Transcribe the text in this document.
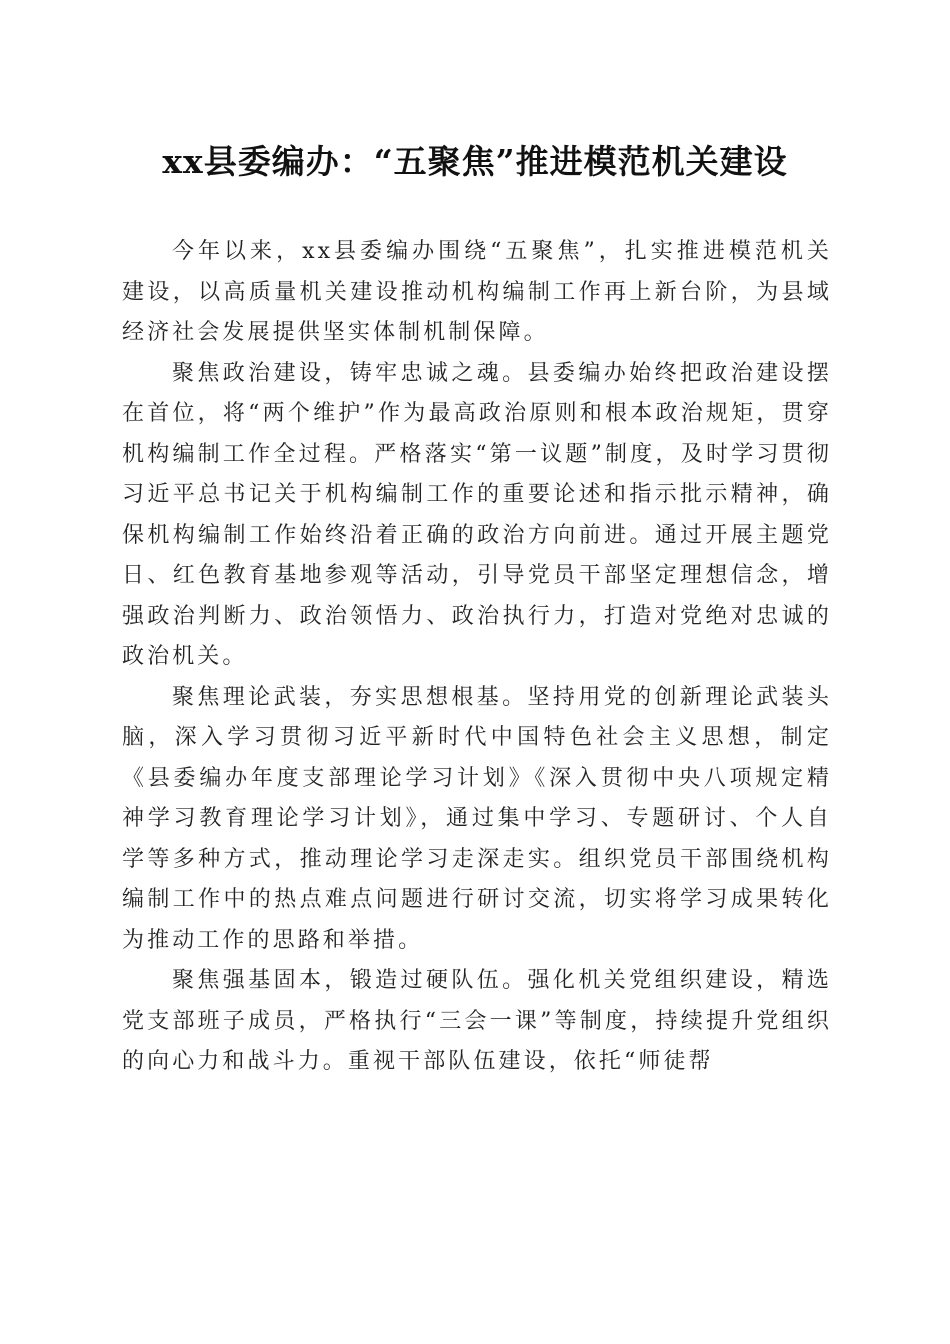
xx县委编办：“五聚焦”推进模范机关建设

今年以来，xx县委编办围绕“五聚焦”，扎实推进模范机关建设，以高质量机关建设推动机构编制工作再上新台阶，为县域经济社会发展提供坚实体制机制保障。

聚焦政治建设，铸牢忠诚之魂。县委编办始终把政治建设摆在首位，将“两个维护”作为最高政治原则和根本政治规矩，贯穿机构编制工作全过程。严格落实“第一议题”制度，及时学习贯彻习近平总书记关于机构编制工作的重要论述和指示批示精神，确保机构编制工作始终沿着正确的政治方向前进。通过开展主题党日、红色教育基地参观等活动，引导党员干部坚定理想信念，增强政治判断力、政治领悟力、政治执行力，打造对党绝对忠诚的政治机关。

聚焦理论武装，夯实思想根基。坚持用党的创新理论武装头脑，深入学习贯彻习近平新时代中国特色社会主义思想，制定《县委编办年度支部理论学习计划》《深入贯彻中央八项规定精神学习教育理论学习计划》，通过集中学习、专题研讨、个人自学等多种方式，推动理论学习走深走实。组织党员干部围绕机构编制工作中的热点难点问题进行研讨交流，切实将学习成果转化为推动工作的思路和举措。

聚焦强基固本，锻造过硬队伍。强化机关党组织建设，精选党支部班子成员，严格执行“三会一课”等制度，持续提升党组织的向心力和战斗力。重视干部队伍建设，依托“师徒帮
